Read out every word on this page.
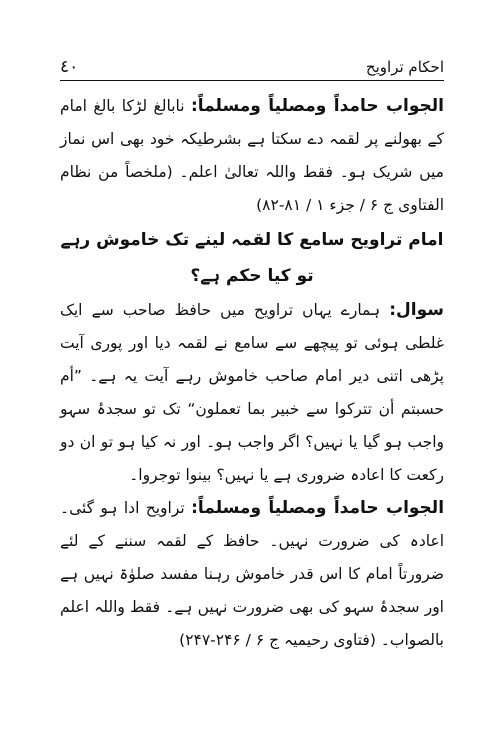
٤٠	احکام تراویح

الجواب حامداً ومصلیاً ومسلماً: نابالغ لڑکا بالغ امام کے بھولنے پر لقمہ دے سکتا ہے بشرطیکہ خود بھی اس نماز میں شریک ہو۔ فقط واللہ تعالیٰ اعلم۔ (ملخصاً من نظام الفتاوی ج ۶ / جزء ۱ / ۸۱-۸۲)

امام تراویح سامع کا لقمہ لینے تک خاموش رہے تو کیا حکم ہے؟

سوال: ہمارے یہاں تراویح میں حافظ صاحب سے ایک غلطی ہوئی تو پیچھے سے سامع نے لقمہ دیا اور پوری آیت پڑھی اتنی دیر امام صاحب خاموش رہے آیت یہ ہے۔ ”أم حسبتم أن تترکوا سے خبیر بما تعملون“ تک تو سجدۂ سہو واجب ہو گیا یا نہیں؟ اگر واجب ہو۔ اور نہ کیا ہو تو ان دو رکعت کا اعادہ ضروری ہے یا نہیں؟ بینوا توجروا۔

الجواب حامداً ومصلیاً ومسلماً: تراویح ادا ہو گئی۔ اعادہ کی ضرورت نہیں۔ حافظ کے لقمہ سننے کے لئے ضرورتاً امام کا اس قدر خاموش رہنا مفسد صلوٰۃ نہیں ہے اور سجدۂ سہو کی بھی ضرورت نہیں ہے۔ فقط واللہ اعلم بالصواب۔ (فتاوی رحیمیہ ج ۶ / ۲۴۶-۲۴۷)
